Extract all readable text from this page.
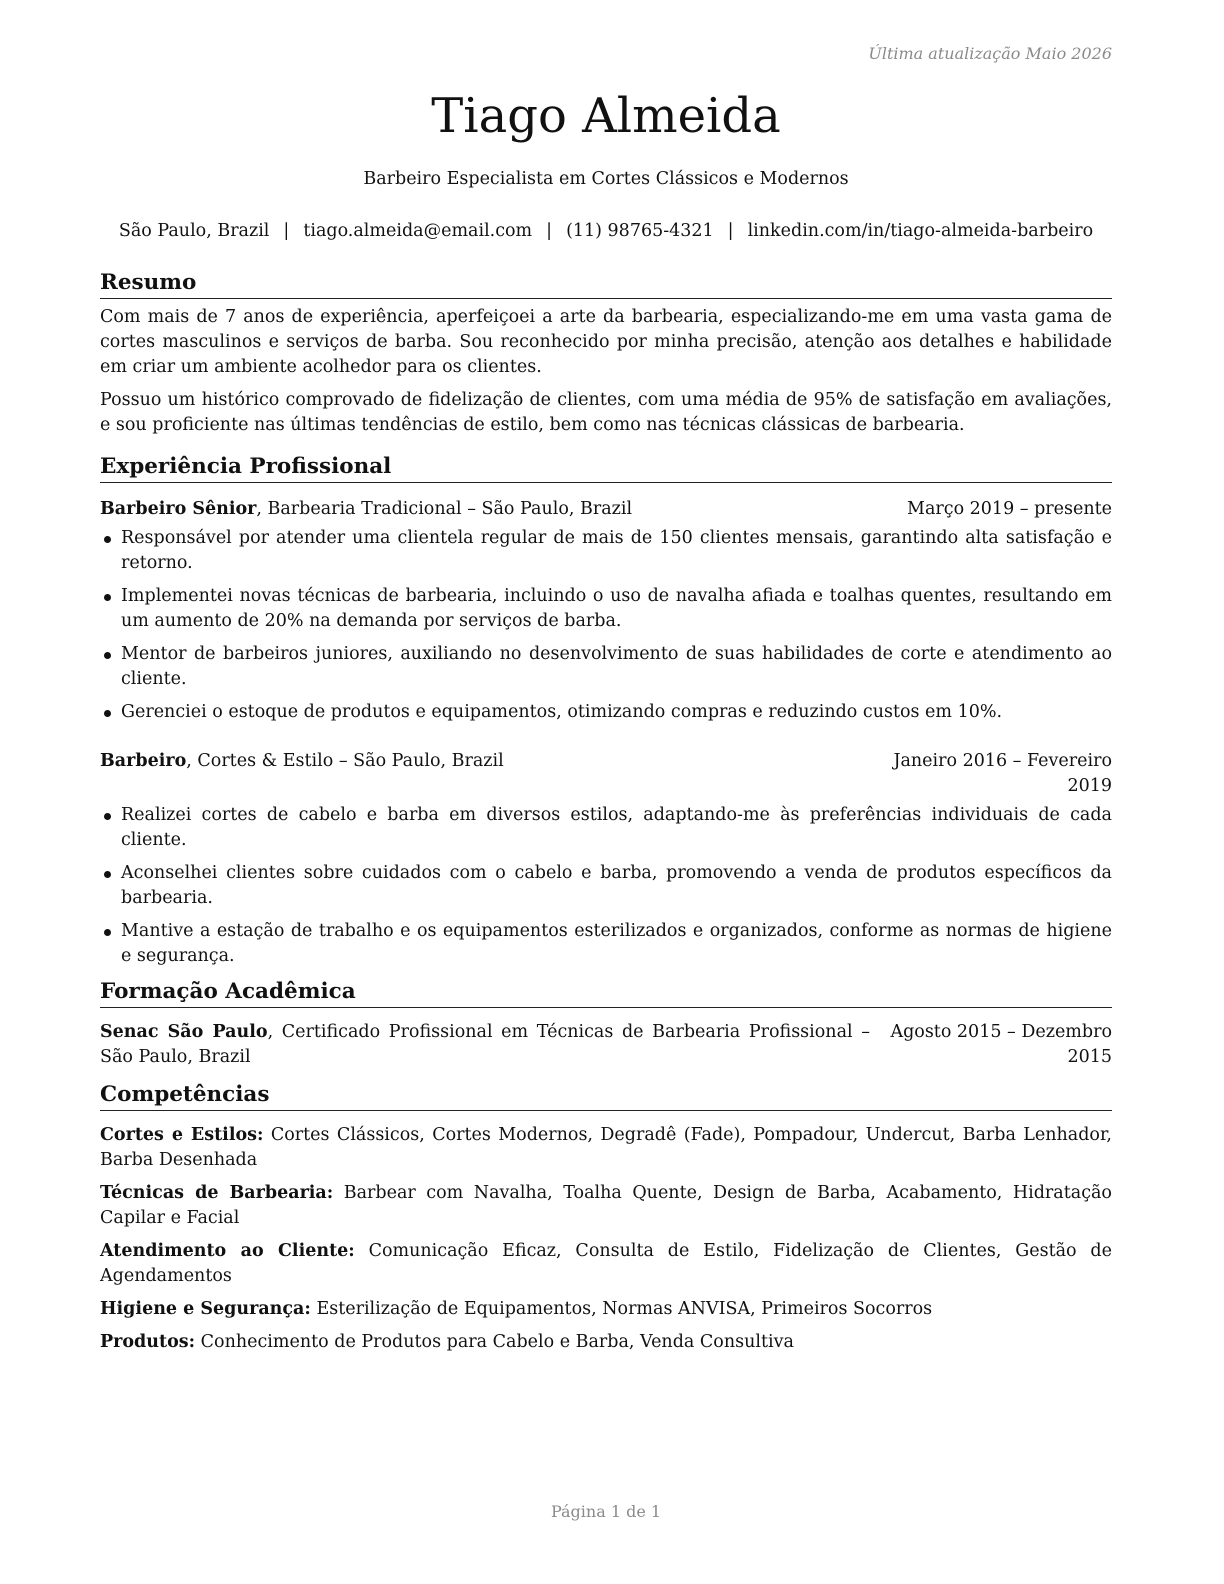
Última atualização Maio 2026
Tiago Almeida
Barbeiro Especialista em Cortes Clássicos e Modernos
São Paulo, Brazil | tiago.almeida@email.com | (11) 98765-4321 | linkedin.com/in/tiago-almeida-barbeiro
Resumo

Com mais de 7 anos de experiência, aperfeiçoei a arte da barbearia, especializando-me em uma vasta gama de cortes masculinos e serviços de barba. Sou reconhecido por minha precisão, atenção aos detalhes e habilidade em criar um ambiente acolhedor para os clientes.

Possuo um histórico comprovado de fidelização de clientes, com uma média de 95% de satisfação em avaliações, e sou proficiente nas últimas tendências de estilo, bem como nas técnicas clássicas de barbearia.

Experiência Profissional
Barbeiro Sênior, Barbearia Tradicional – São Paulo, Brazil	Março 2019 – presente
Responsável por atender uma clientela regular de mais de 150 clientes mensais, garantindo alta satisfação e retorno.
Implementei novas técnicas de barbearia, incluindo o uso de navalha afiada e toalhas quentes, resultando em um aumento de 20% na demanda por serviços de barba.
Mentor de barbeiros juniores, auxiliando no desenvolvimento de suas habilidades de corte e atendimento ao cliente.
Gerenciei o estoque de produtos e equipamentos, otimizando compras e reduzindo custos em 10%.
Barbeiro, Cortes & Estilo – São Paulo, Brazil	Janeiro 2016 – Fevereiro 2019
Realizei cortes de cabelo e barba em diversos estilos, adaptando-me às preferências individuais de cada cliente.
Aconselhei clientes sobre cuidados com o cabelo e barba, promovendo a venda de produtos específicos da barbearia.
Mantive a estação de trabalho e os equipamentos esterilizados e organizados, conforme as normas de higiene e segurança.
Formação Acadêmica
Senac São Paulo, Certificado Profissional em Técnicas de Barbearia Profissional – São Paulo, Brazil
Agosto 2015 – Dezembro 2015
Competências
Cortes e Estilos: Cortes Clássicos, Cortes Modernos, Degradê (Fade), Pompadour, Undercut, Barba Lenhador, Barba Desenhada
Técnicas de Barbearia: Barbear com Navalha, Toalha Quente, Design de Barba, Acabamento, Hidratação Capilar e Facial
Atendimento ao Cliente: Comunicação Eficaz, Consulta de Estilo, Fidelização de Clientes, Gestão de Agendamentos
Higiene e Segurança: Esterilização de Equipamentos, Normas ANVISA, Primeiros Socorros
Produtos: Conhecimento de Produtos para Cabelo e Barba, Venda Consultiva
Página 1 de 1
